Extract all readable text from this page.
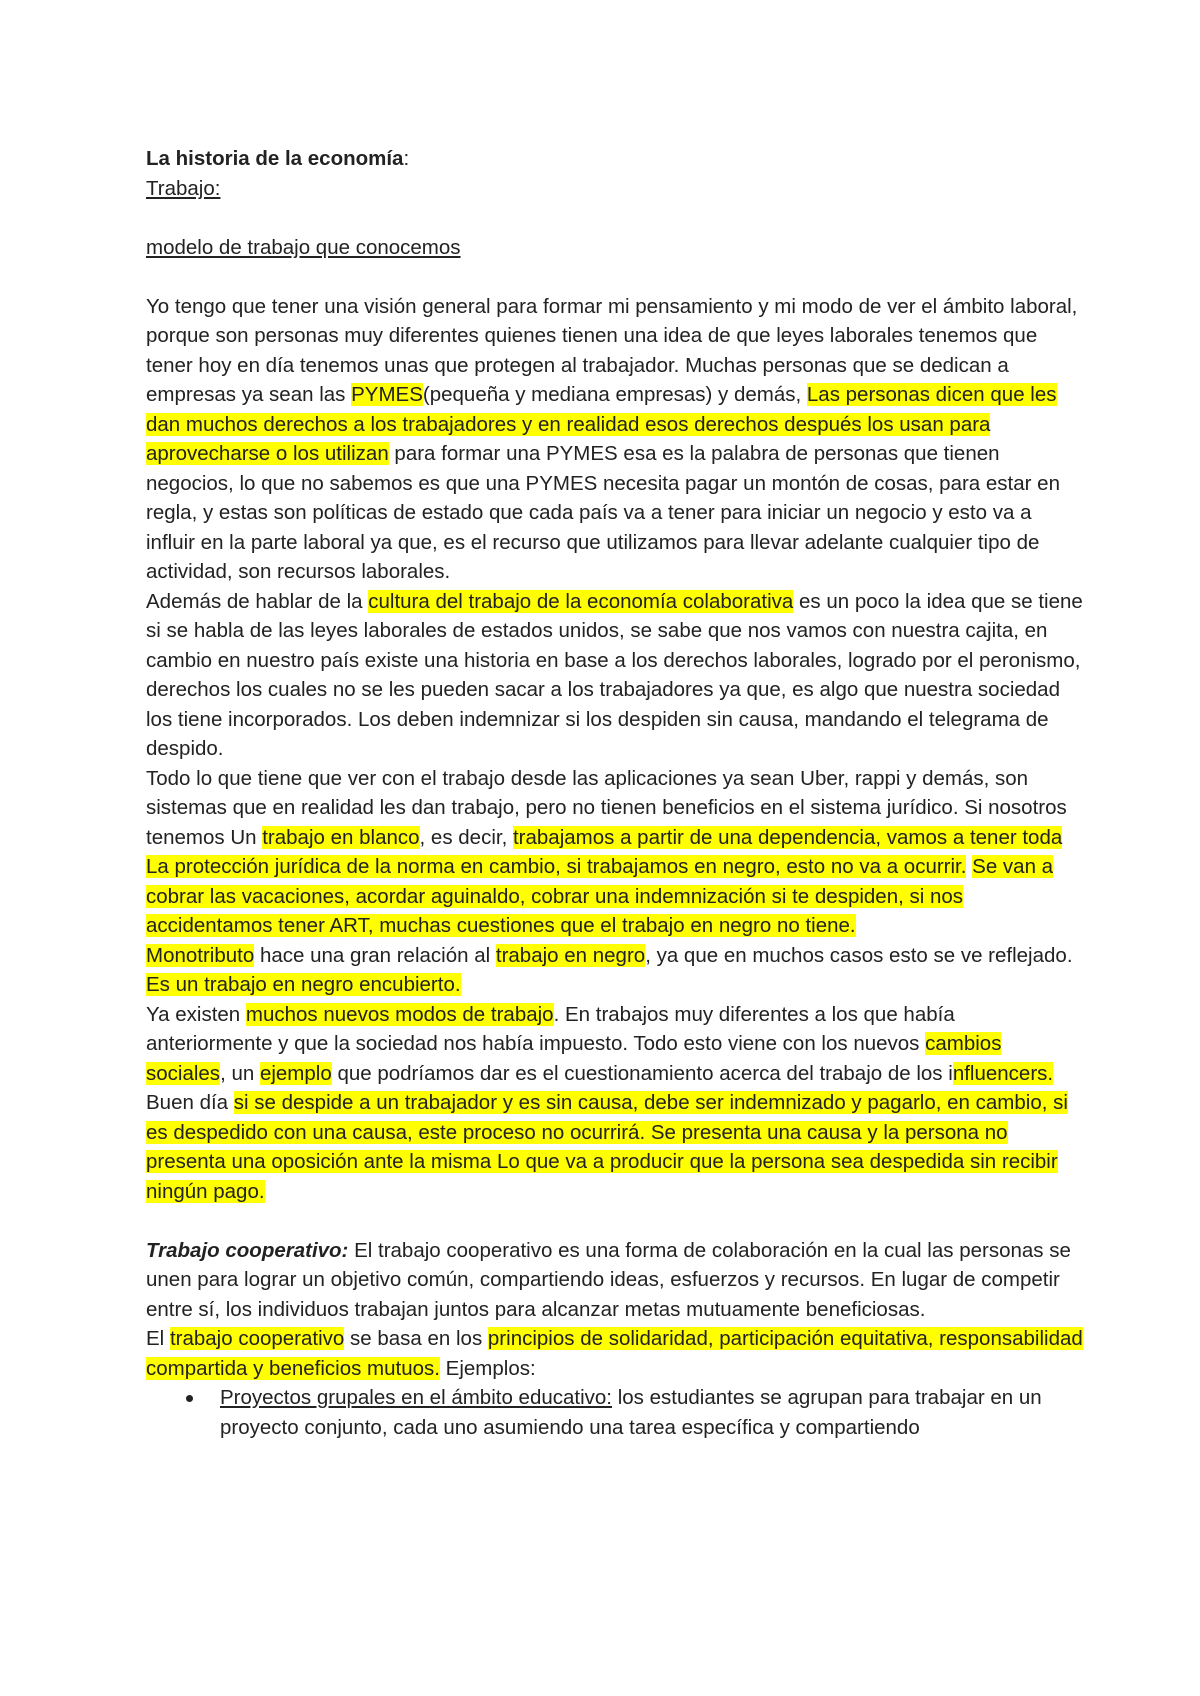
La historia de la economía:

Trabajo:

modelo de trabajo que conocemos

Yo tengo que tener una visión general para formar mi pensamiento y mi modo de ver el ámbito laboral, porque son personas muy diferentes quienes tienen una idea de que leyes laborales tenemos que tener hoy en día tenemos unas que protegen al trabajador. Muchas personas que se dedican a empresas ya sean las PYMES(pequeña y mediana empresas) y demás, Las personas dicen que les dan muchos derechos a los trabajadores y en realidad esos derechos después los usan para aprovecharse o los utilizan para formar una PYMES esa es la palabra de personas que tienen negocios, lo que no sabemos es que una PYMES necesita pagar un montón de cosas, para estar en regla, y estas son políticas de estado que cada país va a tener para iniciar un negocio y esto va a influir en la parte laboral ya que, es el recurso que utilizamos para llevar adelante cualquier tipo de actividad, son recursos laborales.

Además de hablar de la cultura del trabajo de la economía colaborativa es un poco la idea que se tiene si se habla de las leyes laborales de estados unidos, se sabe que nos vamos con nuestra cajita, en cambio en nuestro país existe una historia en base a los derechos laborales, logrado por el peronismo, derechos los cuales no se les pueden sacar a los trabajadores ya que, es algo que nuestra sociedad los tiene incorporados. Los deben indemnizar si los despiden sin causa, mandando el telegrama de despido.

Todo lo que tiene que ver con el trabajo desde las aplicaciones ya sean Uber, rappi y demás, son sistemas que en realidad les dan trabajo, pero no tienen beneficios en el sistema jurídico. Si nosotros tenemos Un trabajo en blanco, es decir, trabajamos a partir de una dependencia, vamos a tener toda La protección jurídica de la norma en cambio, si trabajamos en negro, esto no va a ocurrir. Se van a cobrar las vacaciones, acordar aguinaldo, cobrar una indemnización si te despiden, si nos accidentamos tener ART, muchas cuestiones que el trabajo en negro no tiene.

Monotributo hace una gran relación al trabajo en negro, ya que en muchos casos esto se ve reflejado. Es un trabajo en negro encubierto.

Ya existen muchos nuevos modos de trabajo. En trabajos muy diferentes a los que había anteriormente y que la sociedad nos había impuesto. Todo esto viene con los nuevos cambios sociales, un ejemplo que podríamos dar es el cuestionamiento acerca del trabajo de los influencers.

Buen día si se despide a un trabajador y es sin causa, debe ser indemnizado y pagarlo, en cambio, si es despedido con una causa, este proceso no ocurrirá. Se presenta una causa y la persona no presenta una oposición ante la misma Lo que va a producir que la persona sea despedida sin recibir ningún pago.

Trabajo cooperativo: El trabajo cooperativo es una forma de colaboración en la cual las personas se unen para lograr un objetivo común, compartiendo ideas, esfuerzos y recursos. En lugar de competir entre sí, los individuos trabajan juntos para alcanzar metas mutuamente beneficiosas.

El trabajo cooperativo se basa en los principios de solidaridad, participación equitativa, responsabilidad compartida y beneficios mutuos. Ejemplos:

Proyectos grupales en el ámbito educativo: los estudiantes se agrupan para trabajar en un proyecto conjunto, cada uno asumiendo una tarea específica y compartiendo
